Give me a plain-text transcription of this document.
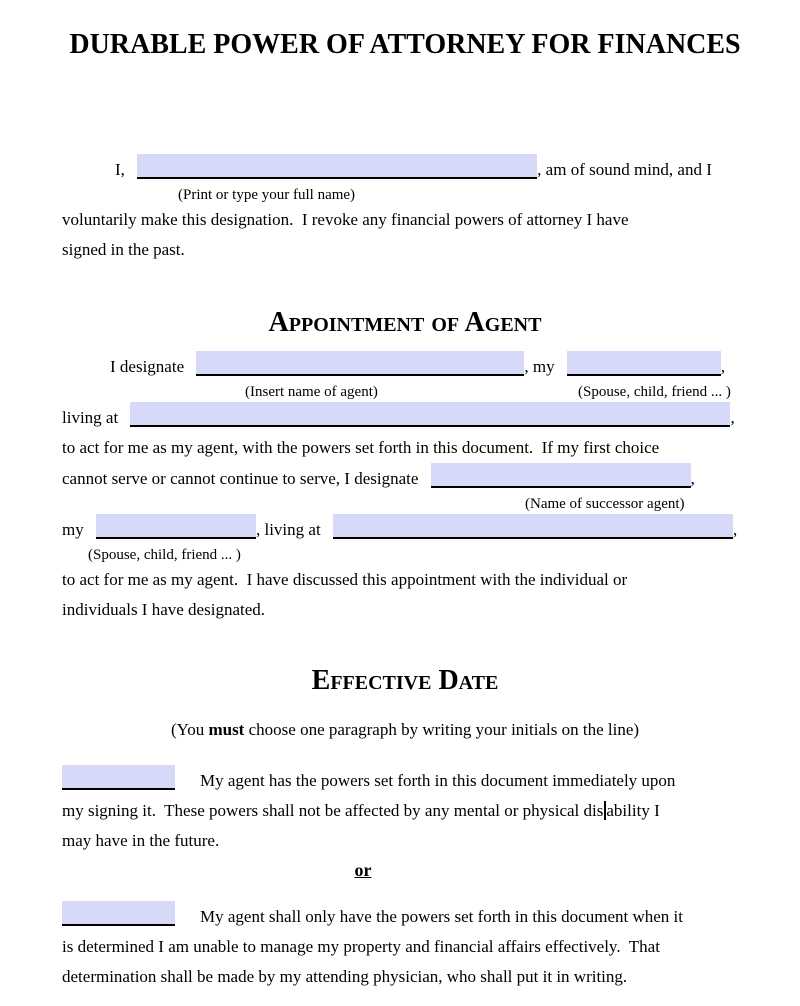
DURABLE POWER OF ATTORNEY FOR FINANCES
I,	, am of sound mind, and I
(Print or type your full name)
voluntarily make this designation.  I revoke any financial powers of attorney I have
signed in the past.
Appointment of Agent
I designate	, my	,
(Insert name of agent)	(Spouse, child, friend ... )
living at	,
to act for me as my agent, with the powers set forth in this document.  If my first choice
cannot serve or cannot continue to serve, I designate	,
(Name of successor agent)
my	, living at	,
(Spouse, child, friend ... )
to act for me as my agent.  I have discussed this appointment with the individual or
individuals I have designated.
Effective Date
(You must choose one paragraph by writing your initials on the line)
My agent has the powers set forth in this document immediately upon
my signing it.  These powers shall not be affected by any mental or physical dis ability I
may have in the future.
or
My agent shall only have the powers set forth in this document when it
is determined I am unable to manage my property and financial affairs effectively.  That
determination shall be made by my attending physician, who shall put it in writing.
